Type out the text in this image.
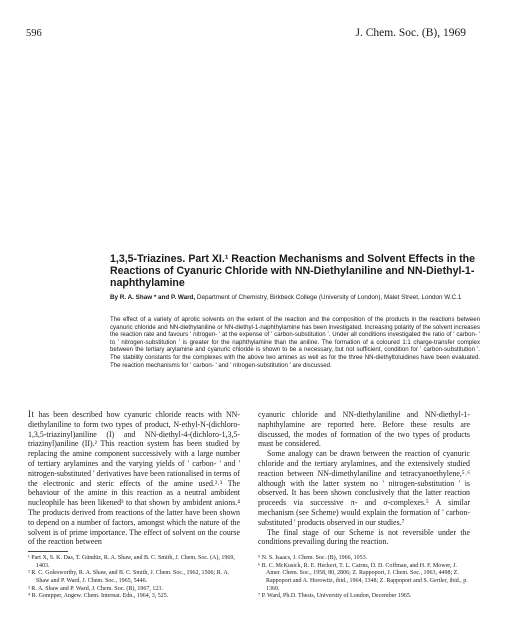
596	J. Chem. Soc. (B), 1969
1,3,5-Triazines. Part XI.¹ Reaction Mechanisms and Solvent Effects in the Reactions of Cyanuric Chloride with NN-Diethylaniline and NN-Diethyl-1-naphthylamine
By R. A. Shaw * and P. Ward, Department of Chemistry, Birkbeck College (University of London), Malet Street, London W.C.1
The effect of a variety of aprotic solvents on the extent of the reaction and the composition of the products in the reactions between cyanuric chloride and NN-diethylaniline or NN-diethyl-1-naphthylamine has been investigated. Increasing polarity of the solvent increases the reaction rate and favours ' nitrogen- ' at the expense of ' carbon-substitution '. Under all conditions investigated the ratio of ' carbon- ' to ' nitrogen-substitution ' is greater for the naphthylamine than the aniline. The formation of a coloured 1:1 charge-transfer complex between the tertiary arylamine and cyanuric chloride is shown to be a necessary, but not sufficient, condition for ' carbon-substitution '. The stability constants for the complexes with the above two amines as well as for the three NN-diethyltoluidines have been evaluated. The reaction mechanisms for ' carbon- ' and ' nitrogen-substitution ' are discussed.

It has been described how cyanuric chloride reacts with NN-diethylaniline to form two types of product, N-ethyl-N-(dichloro-1,3,5-triazinyl)aniline (I) and NN-diethyl-4-(dichloro-1,3,5-triazinyl)aniline (II).² This reaction system has been studied by replacing the amine component successively with a large number of tertiary arylamines and the varying yields of ' carbon- ' and ' nitrogen-substituted ' derivatives have been rationalised in terms of the electronic and steric effects of the amine used.²˒³ The behaviour of the amine in this reaction as a neutral ambident nucleophile has been likened³ to that shown by ambident anions.⁴ The products derived from reactions of the latter have been shown to depend on a number of factors, amongst which the nature of the solvent is of prime importance. The effect of solvent on the course of the reaction between

¹ Part X, S. K. Das, T. Gündüz, R. A. Shaw, and B. C. Smith, J. Chem. Soc. (A), 1969, 1403.

² R. C. Golesworthy, R. A. Shaw, and B. C. Smith, J. Chem. Soc., 1962, 1506; R. A. Shaw and P. Ward, J. Chem. Soc., 1965, 5446.

³ R. A. Shaw and P. Ward, J. Chem. Soc. (B), 1967, 123.

⁴ R. Gompper, Angew. Chem. Internat. Edn., 1964, 3, 525.

cyanuric chloride and NN-diethylaniline and NN-diethyl-1-naphthylamine are reported here. Before these results are discussed, the modes of formation of the two types of products must be considered.

Some analogy can be drawn between the reaction of cyanuric chloride and the tertiary arylamines, and the extensively studied reaction between NN-dimethylaniline and tetracyanoethylene,⁵˒⁶ although with the latter system no ' nitrogen-substitution ' is observed. It has been shown conclusively that the latter reaction proceeds via successive π- and σ-complexes.⁵ A similar mechanism (see Scheme) would explain the formation of ' carbon-substituted ' products observed in our studies.⁷

The final stage of our Scheme is not reversible under the conditions prevailing during the reaction.

⁵ N. S. Isaacs, J. Chem. Soc. (B), 1966, 1053.

⁶ B. C. McKusick, R. E. Heckert, T. L. Cairns, D. D. Coffman, and H. F. Mower, J. Amer. Chem. Soc., 1958, 80, 2806; Z. Rappoport, J. Chem. Soc., 1963, 4498; Z. Rappoport and A. Horowitz, ibid., 1964, 1348; Z. Rappoport and S. Gertler, ibid., p. 1360.

⁷ P. Ward, Ph.D. Thesis, University of London, December 1965.
